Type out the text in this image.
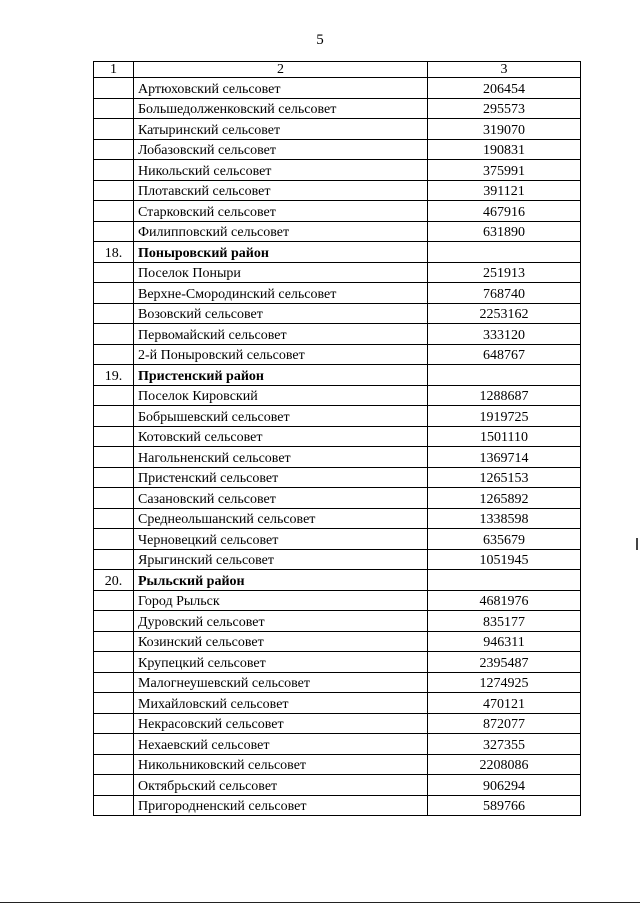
5
1	2	3
	Артюховский сельсовет	206454
	Большедолженковский сельсовет	295573
	Катыринский сельсовет	319070
	Лобазовский сельсовет	190831
	Никольский сельсовет	375991
	Плотавский сельсовет	391121
	Старковский сельсовет	467916
	Филипповский сельсовет	631890
18.	Поныровский район	
	Поселок Поныри	251913
	Верхне-Смородинский сельсовет	768740
	Возовский сельсовет	2253162
	Первомайский сельсовет	333120
	2-й Поныровский сельсовет	648767
19.	Пристенский район	
	Поселок Кировский	1288687
	Бобрышевский сельсовет	1919725
	Котовский сельсовет	1501110
	Нагольненский сельсовет	1369714
	Пристенский сельсовет	1265153
	Сазановский сельсовет	1265892
	Среднеольшанский сельсовет	1338598
	Черновецкий сельсовет	635679
	Ярыгинский сельсовет	1051945
20.	Рыльский район	
	Город Рыльск	4681976
	Дуровский сельсовет	835177
	Козинский сельсовет	946311
	Крупецкий сельсовет	2395487
	Малогнеушевский сельсовет	1274925
	Михайловский сельсовет	470121
	Некрасовский сельсовет	872077
	Нехаевский сельсовет	327355
	Никольниковский сельсовет	2208086
	Октябрьский сельсовет	906294
	Пригородненский сельсовет	589766
